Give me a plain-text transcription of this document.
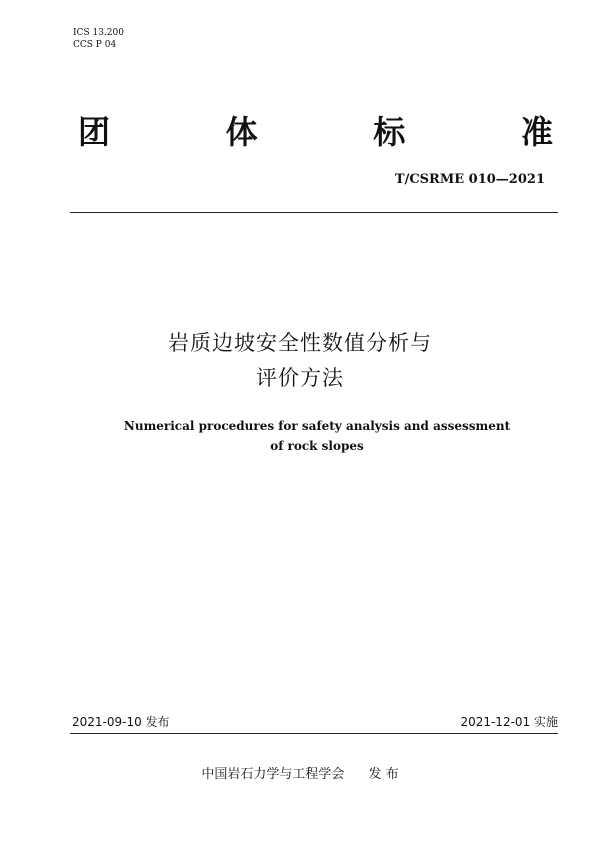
ICS 13.200
CCS P 04
团	体	标	准
T/CSRME 010—2021
岩质边坡安全性数值分析与
评价方法
Numerical procedures for safety analysis and assessment
of rock slopes
2021-09-10 发布	2021-12-01 实施
中国岩石力学与工程学会 发 布
